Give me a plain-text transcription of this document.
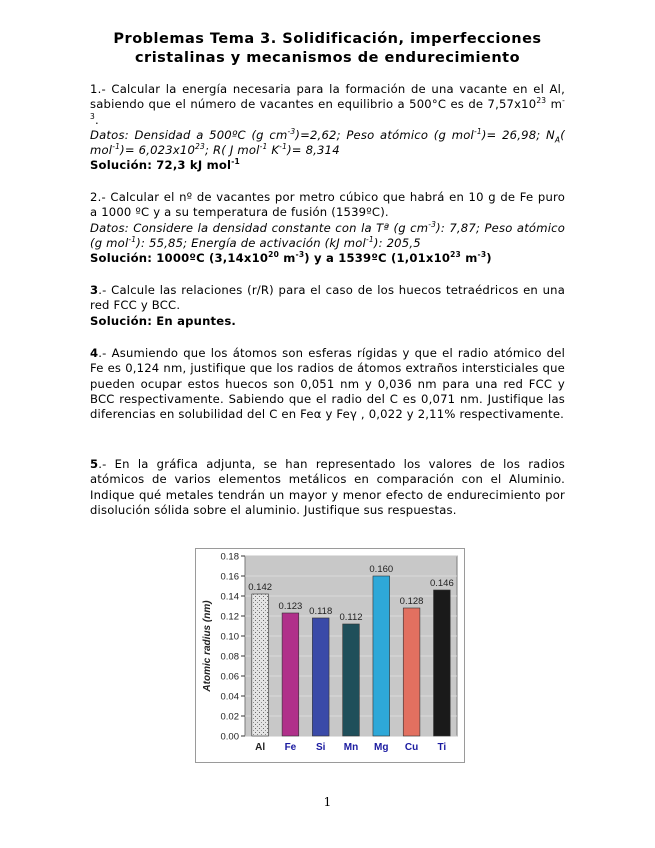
Problemas Tema 3. Solidificación, imperfecciones
cristalinas y mecanismos de endurecimiento

1.- Calcular la energía necesaria para la formación de una vacante en el Al, sabiendo que el número de vacantes en equilibrio a 500°C es de $7,57x10^{23}$ $m^{-3}$.

Datos: Densidad a 500ºC (g $cm^{-3})=2,62$; Peso atómico (g mol$^{-1}$)= 26,98; $N_A$( $mol^{-1})= 6,023x10^{23}$; R( J mol$^{-1}$ $K^{-1})= 8,314$

Solución: 72,3 kJ mol$^{-1}$

2.- Calcular el nº de vacantes por metro cúbico que habrá en 10 g de Fe puro a 1000 ºC y a su temperatura de fusión (1539ºC).

Datos: Considere la densidad constante con la Tª (g $cm^{-3}$): 7,87; Peso atómico (g mol$^{-1}$): 55,85; Energía de activación (kJ mol$^{-1}$): 205,5

Solución: 1000ºC ($3,14x10^{20}$ $m^{-3}$) y a 1539ºC ($1,01x10^{23}$ $m^{-3}$)

3.- Calcule las relaciones (r/R) para el caso de los huecos tetraédricos en una red FCC y BCC.

Solución: En apuntes.

4.- Asumiendo que los átomos son esferas rígidas y que el radio atómico del Fe es 0,124 nm, justifique que los radios de átomos extraños intersticiales que pueden ocupar estos huecos son 0,051 nm y 0,036 nm para una red FCC y BCC respectivamente. Sabiendo que el radio del C es 0,071 nm. Justifique las diferencias en solubilidad del C en Feα y Feγ , 0,022 y 2,11% respectivamente.

5.- En la gráfica adjunta, se han representado los valores de los radios atómicos de varios elementos metálicos en comparación con el Aluminio. Indique qué metales tendrán un mayor y menor efecto de endurecimiento por disolución sólida sobre el aluminio. Justifique sus respuestas.

0.00
0.02
0.04
0.06
0.08
0.10
0.12
0.14
0.16
0.18
Atomic radius (nm)
0.142
Al
0.123
Fe
0.118
Si
0.112
Mn
0.160
Mg
0.128
Cu
0.146
Ti
1
